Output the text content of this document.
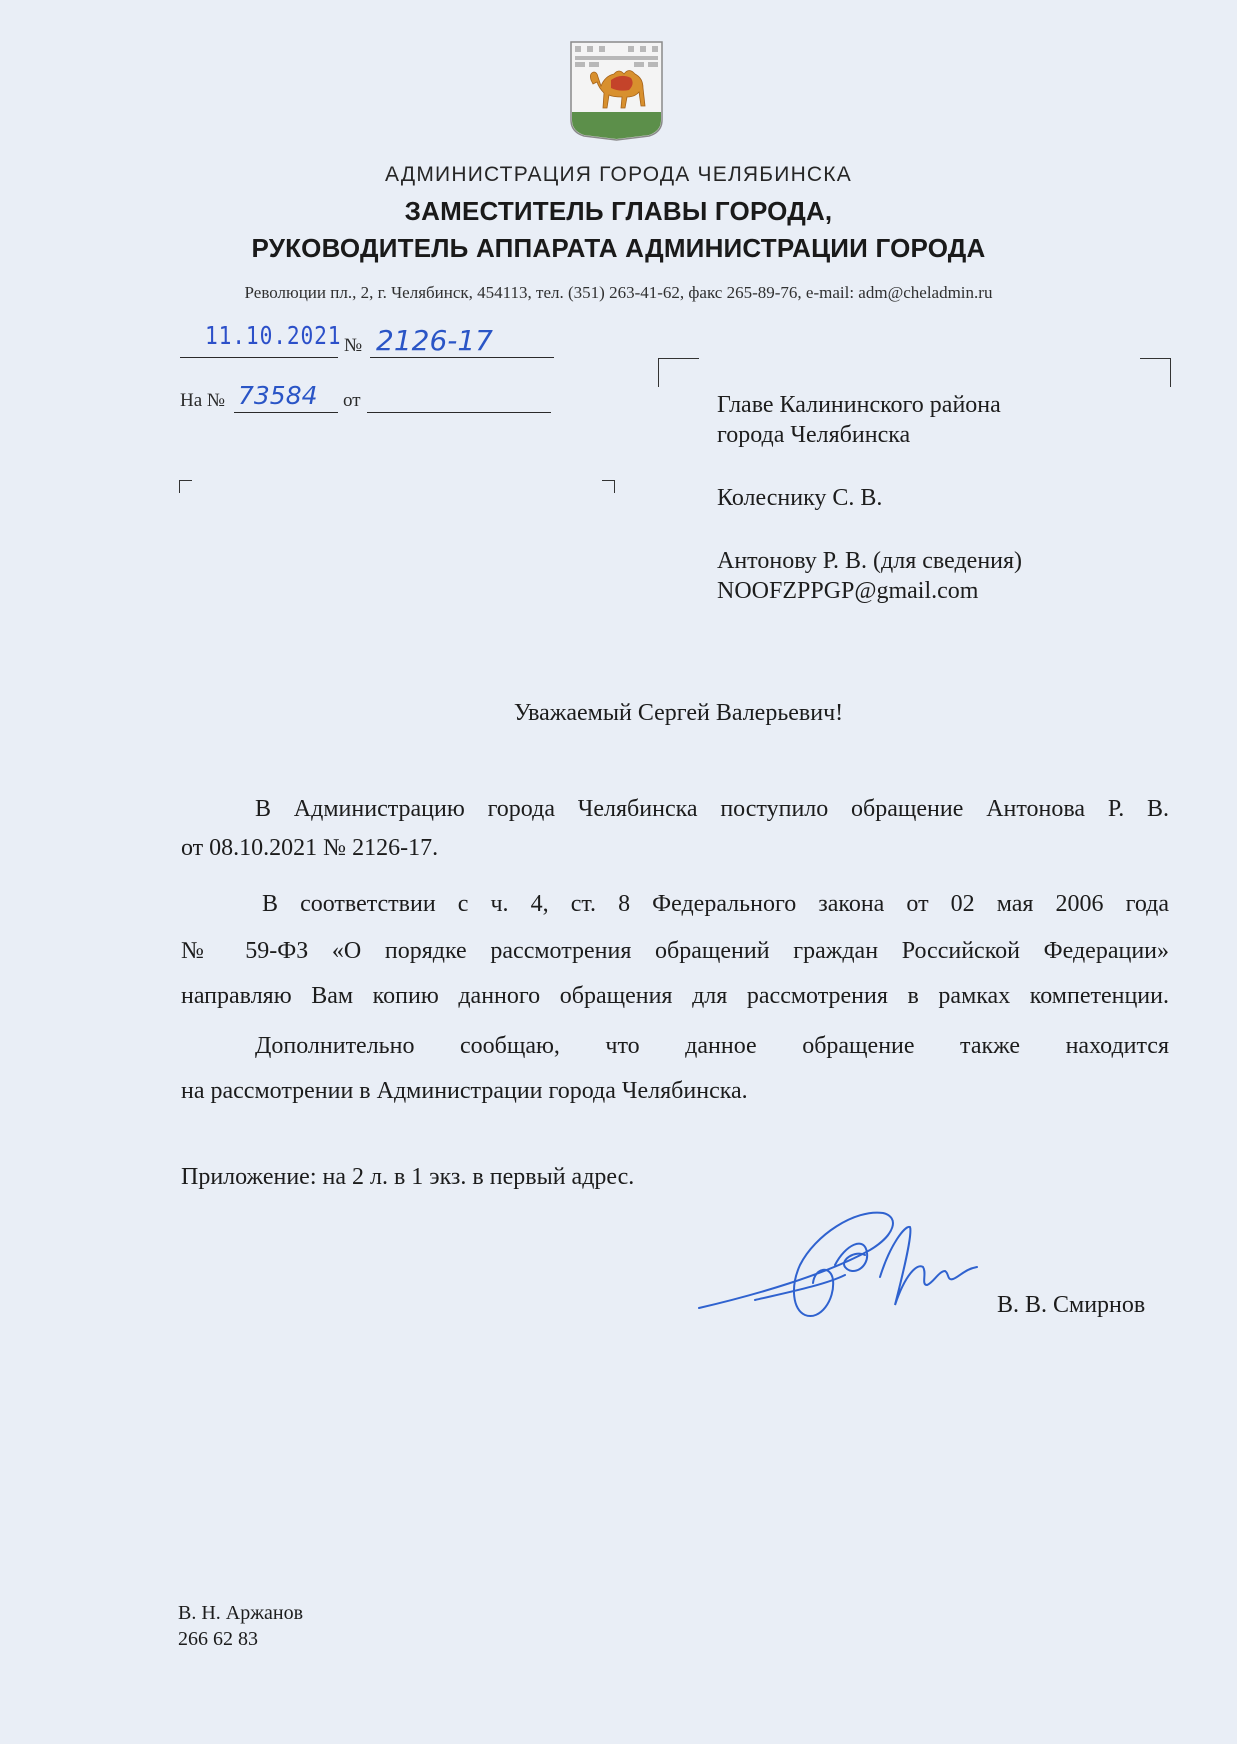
АДМИНИСТРАЦИЯ ГОРОДА ЧЕЛЯБИНСКА
ЗАМЕСТИТЕЛЬ ГЛАВЫ ГОРОДА,
РУКОВОДИТЕЛЬ АППАРАТА АДМИНИСТРАЦИИ ГОРОДА
Революции пл., 2, г. Челябинск, 454113, тел. (351) 263-41-62, факс 265-89-76, e-mail: adm@cheladmin.ru
11.10.2021 № 2126-17
На № 73584 от	Главе Калининского района
города Челябинска
Колеснику С. В.
Антонову Р. В. (для сведения)
NOOFZPPGP@gmail.com
Уважаемый Сергей Валерьевич!
В Администрацию города Челябинска поступило обращение Антонова Р. В.
от 08.10.2021 № 2126-17.
В соответствии с ч. 4, ст. 8 Федерального закона от 02 мая 2006 года
№ 59-ФЗ «О порядке рассмотрения обращений граждан Российской Федерации»
направляю Вам копию данного обращения для рассмотрения в рамках компетенции.
Дополнительно сообщаю, что данное обращение также находится
на рассмотрении в Администрации города Челябинска.
Приложение: на 2 л. в 1 экз. в первый адрес.
В. В. Смирнов
В. Н. Аржанов
266 62 83
